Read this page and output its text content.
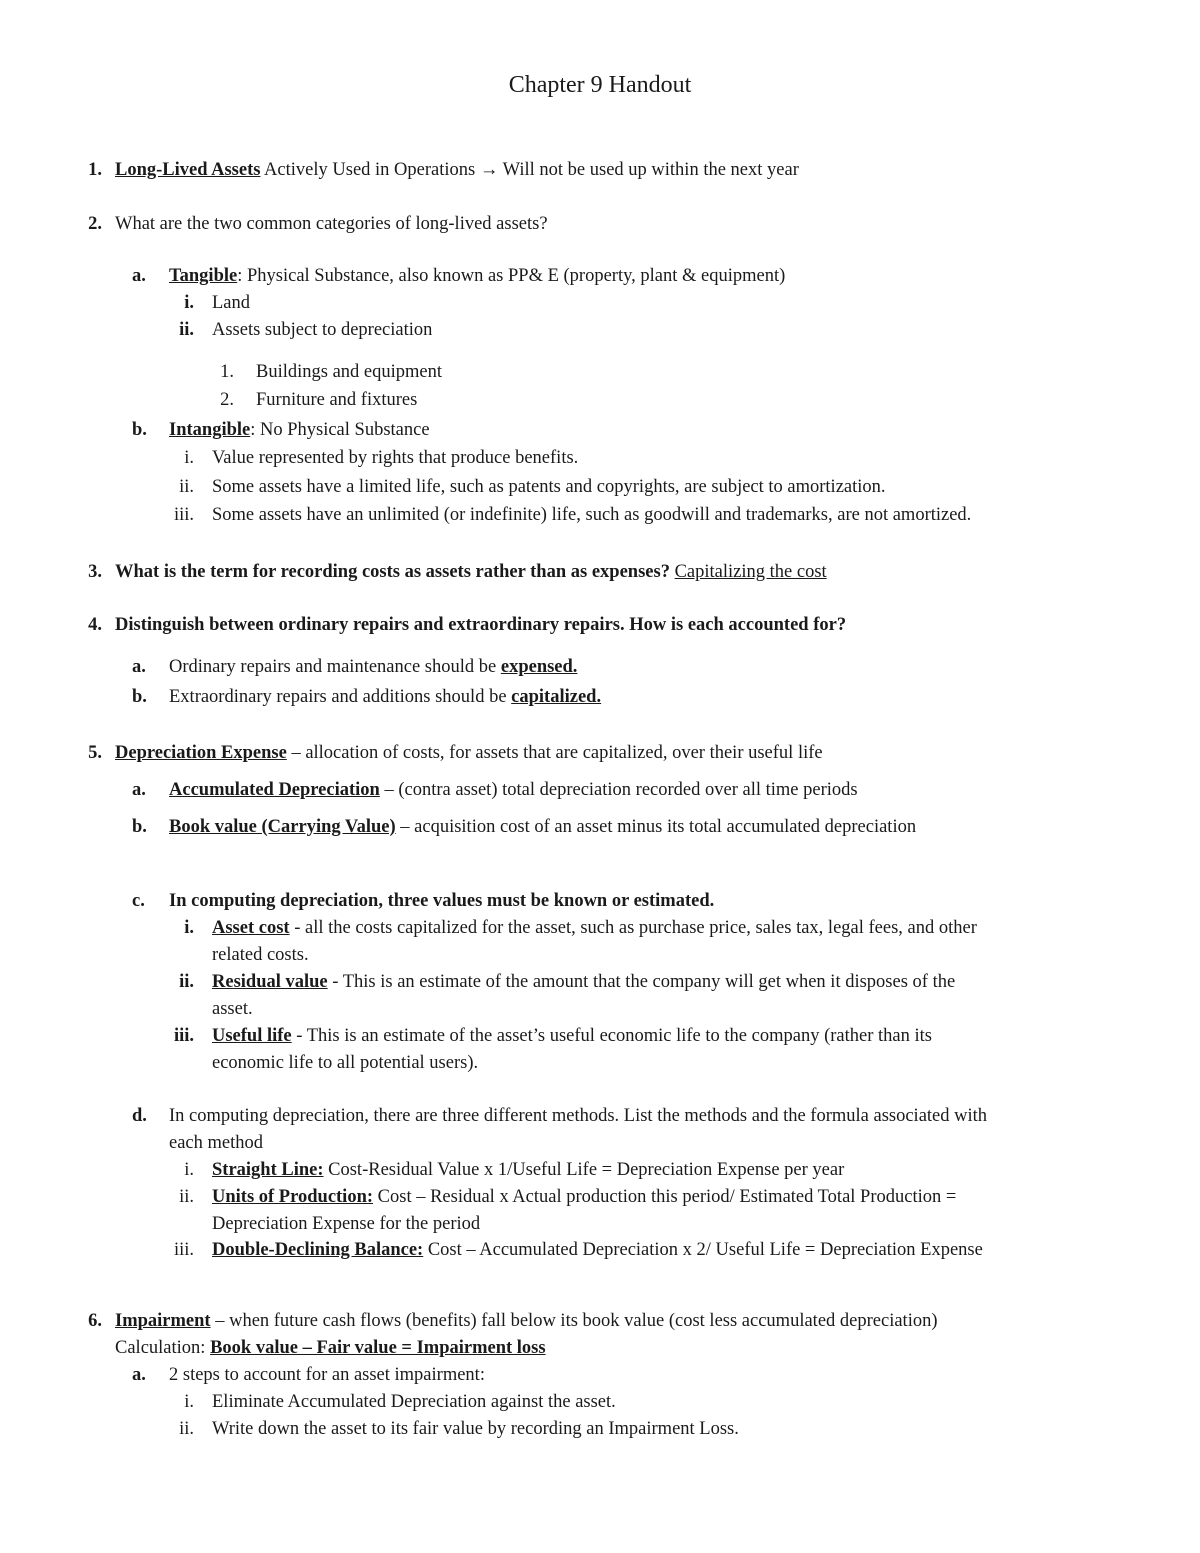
Chapter 9 Handout
1. Long-Lived Assets Actively Used in Operations → Will not be used up within the next year
2. What are the two common categories of long-lived assets?
a. Tangible: Physical Substance, also known as PP& E (property, plant & equipment)
i. Land
ii. Assets subject to depreciation
1. Buildings and equipment
2. Furniture and fixtures
b. Intangible: No Physical Substance
i. Value represented by rights that produce benefits.
ii. Some assets have a limited life, such as patents and copyrights, are subject to amortization.
iii. Some assets have an unlimited (or indefinite) life, such as goodwill and trademarks, are not amortized.
3. What is the term for recording costs as assets rather than as expenses? Capitalizing the cost
4. Distinguish between ordinary repairs and extraordinary repairs. How is each accounted for?
a. Ordinary repairs and maintenance should be expensed.
b. Extraordinary repairs and additions should be capitalized.
5. Depreciation Expense – allocation of costs, for assets that are capitalized, over their useful life
a. Accumulated Depreciation – (contra asset) total depreciation recorded over all time periods
b. Book value (Carrying Value) – acquisition cost of an asset minus its total accumulated depreciation
c. In computing depreciation, three values must be known or estimated.
i. Asset cost - all the costs capitalized for the asset, such as purchase price, sales tax, legal fees, and other
related costs.
ii. Residual value - This is an estimate of the amount that the company will get when it disposes of the
asset.
iii. Useful life - This is an estimate of the asset’s useful economic life to the company (rather than its
economic life to all potential users).
d. In computing depreciation, there are three different methods. List the methods and the formula associated with
each method
i. Straight Line: Cost-Residual Value x 1/Useful Life = Depreciation Expense per year
ii. Units of Production: Cost – Residual x Actual production this period/ Estimated Total Production =
Depreciation Expense for the period
iii. Double-Declining Balance: Cost – Accumulated Depreciation x 2/ Useful Life = Depreciation Expense
6. Impairment – when future cash flows (benefits) fall below its book value (cost less accumulated depreciation)
Calculation: Book value – Fair value = Impairment loss
a. 2 steps to account for an asset impairment:
i. Eliminate Accumulated Depreciation against the asset.
ii. Write down the asset to its fair value by recording an Impairment Loss.
